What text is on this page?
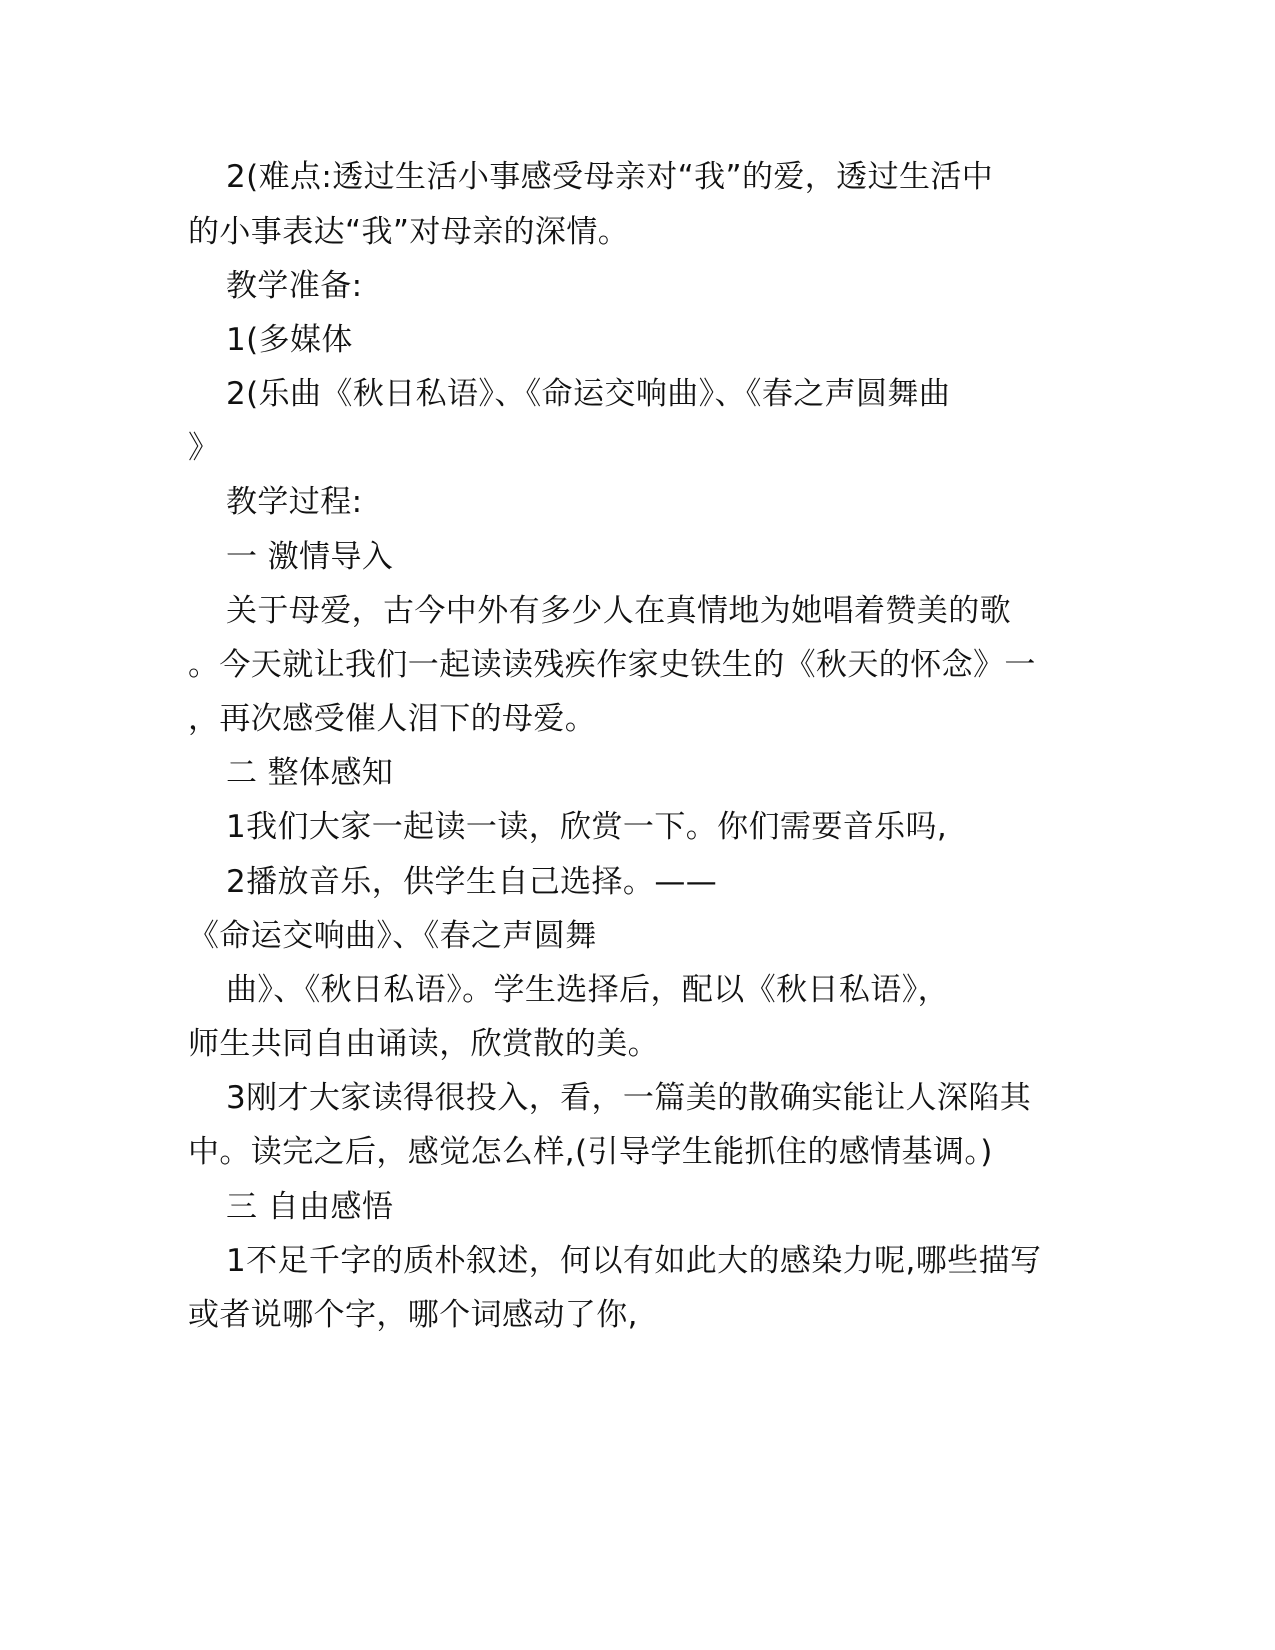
2(难点:透过生活小事感受母亲对“我”的爱，透过生活中
的小事表达“我”对母亲的深情。
教学准备:
1(多媒体
2(乐曲《秋日私语》、《命运交响曲》、《春之声圆舞曲
》
教学过程:
一 激情导入
关于母爱，古今中外有多少人在真情地为她唱着赞美的歌
。今天就让我们一起读读残疾作家史铁生的《秋天的怀念》一
，再次感受催人泪下的母爱。
二 整体感知
1我们大家一起读一读，欣赏一下。你们需要音乐吗,
2播放音乐，供学生自己选择。——
《命运交响曲》、《春之声圆舞
曲》、《秋日私语》。学生选择后，配以《秋日私语》，
师生共同自由诵读，欣赏散的美。
3刚才大家读得很投入，看，一篇美的散确实能让人深陷其
中。读完之后，感觉怎么样,(引导学生能抓住的感情基调。)
三 自由感悟
1不足千字的质朴叙述，何以有如此大的感染力呢,哪些描写
或者说哪个字，哪个词感动了你,
